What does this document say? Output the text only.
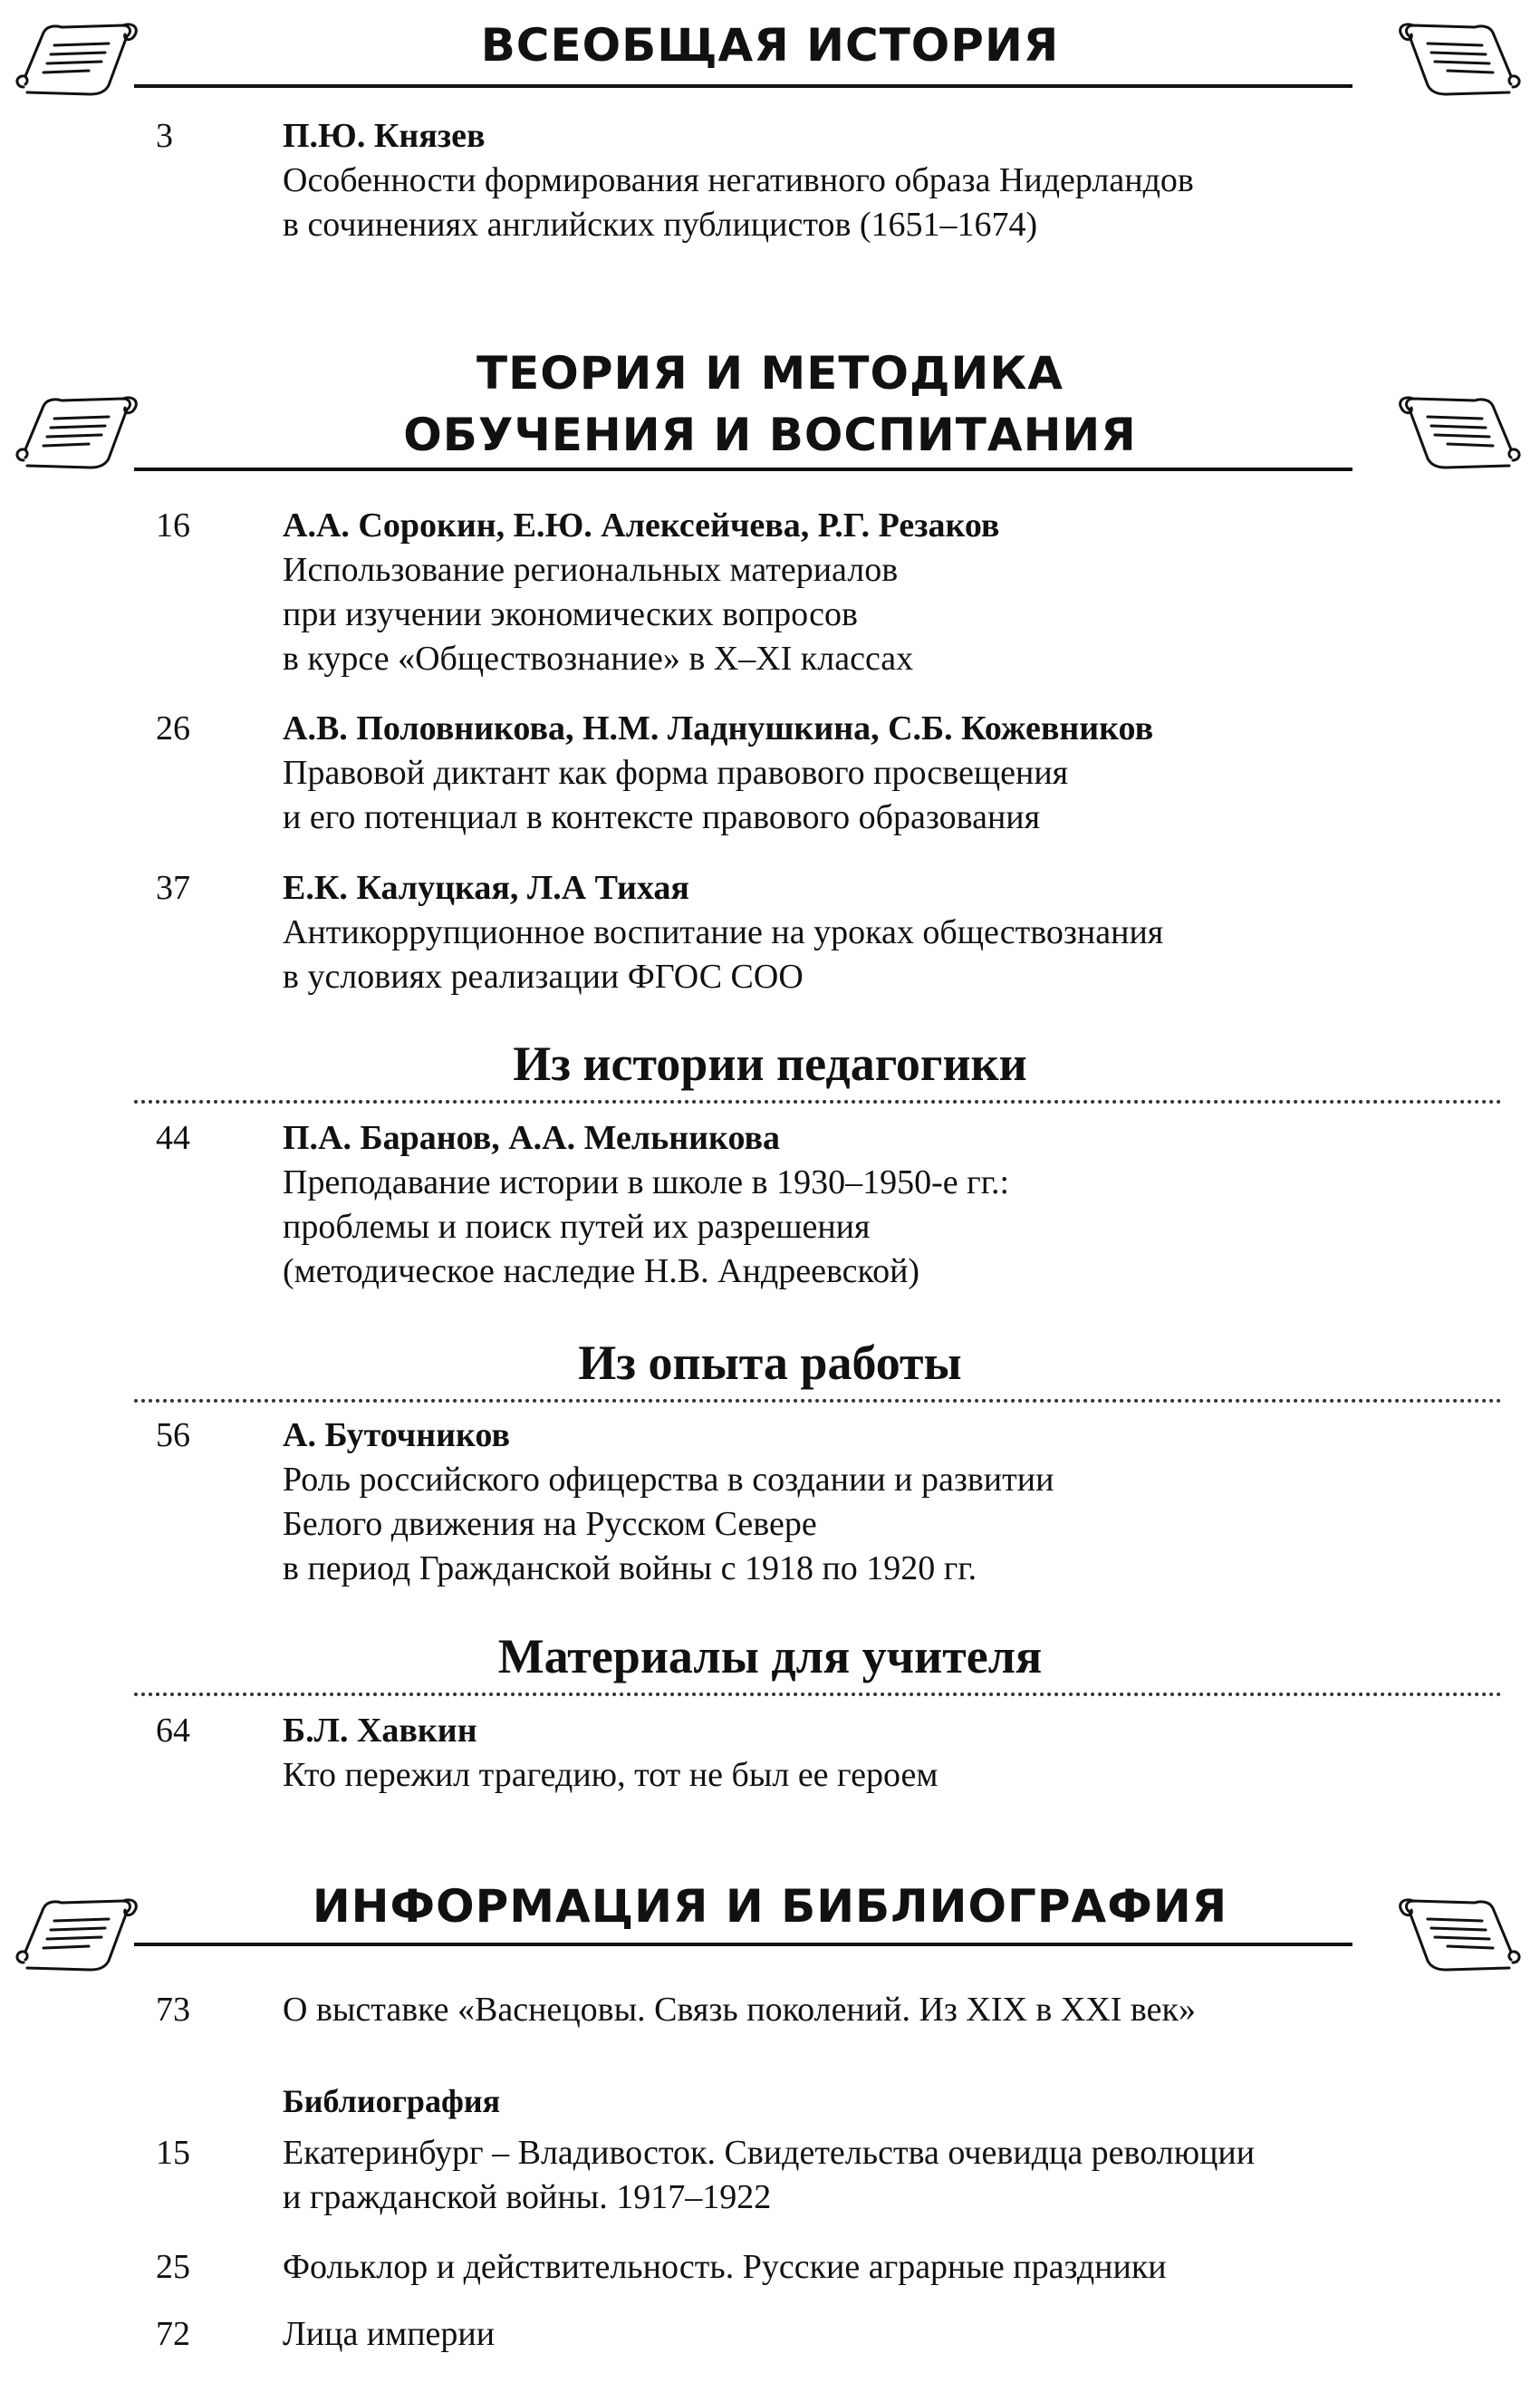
ВСЕОБЩАЯ ИСТОРИЯ
3	П.Ю. Князев
Особенности формирования негативного образа Нидерландов
в сочинениях английских публицистов (1651–1674)
ТЕОРИЯ И МЕТОДИКА
ОБУЧЕНИЯ И ВОСПИТАНИЯ
16	А.А. Сорокин, Е.Ю. Алексейчева, Р.Г. Резаков
Использование региональных материалов
при изучении экономических вопросов
в курсе «Обществознание» в X–XI классах
26	А.В. Половникова, Н.М. Ладнушкина, С.Б. Кожевников
Правовой диктант как форма правового просвещения
и его потенциал в контексте правового образования
37	Е.К. Калуцкая, Л.А Тихая
Антикоррупционное воспитание на уроках обществознания
в условиях реализации ФГОС СОО
Из истории педагогики
44	П.А. Баранов, А.А. Мельникова
Преподавание истории в школе в 1930–1950-е гг.:
проблемы и поиск путей их разрешения
(методическое наследие Н.В. Андреевской)
Из опыта работы
56	А. Буточников
Роль российского офицерства в создании и развитии
Белого движения на Русском Севере
в период Гражданской войны с 1918 по 1920 гг.
Материалы для учителя
64	Б.Л. Хавкин
Кто пережил трагедию, тот не был ее героем
ИНФОРМАЦИЯ И БИБЛИОГРАФИЯ
73	О выставке «Васнецовы. Связь поколений. Из XIX в XXI век»
Библиография
15	Екатеринбург – Владивосток. Свидетельства очевидца революции
и гражданской войны. 1917–1922
25	Фольклор и действительность. Русские аграрные праздники
72	Лица империи
